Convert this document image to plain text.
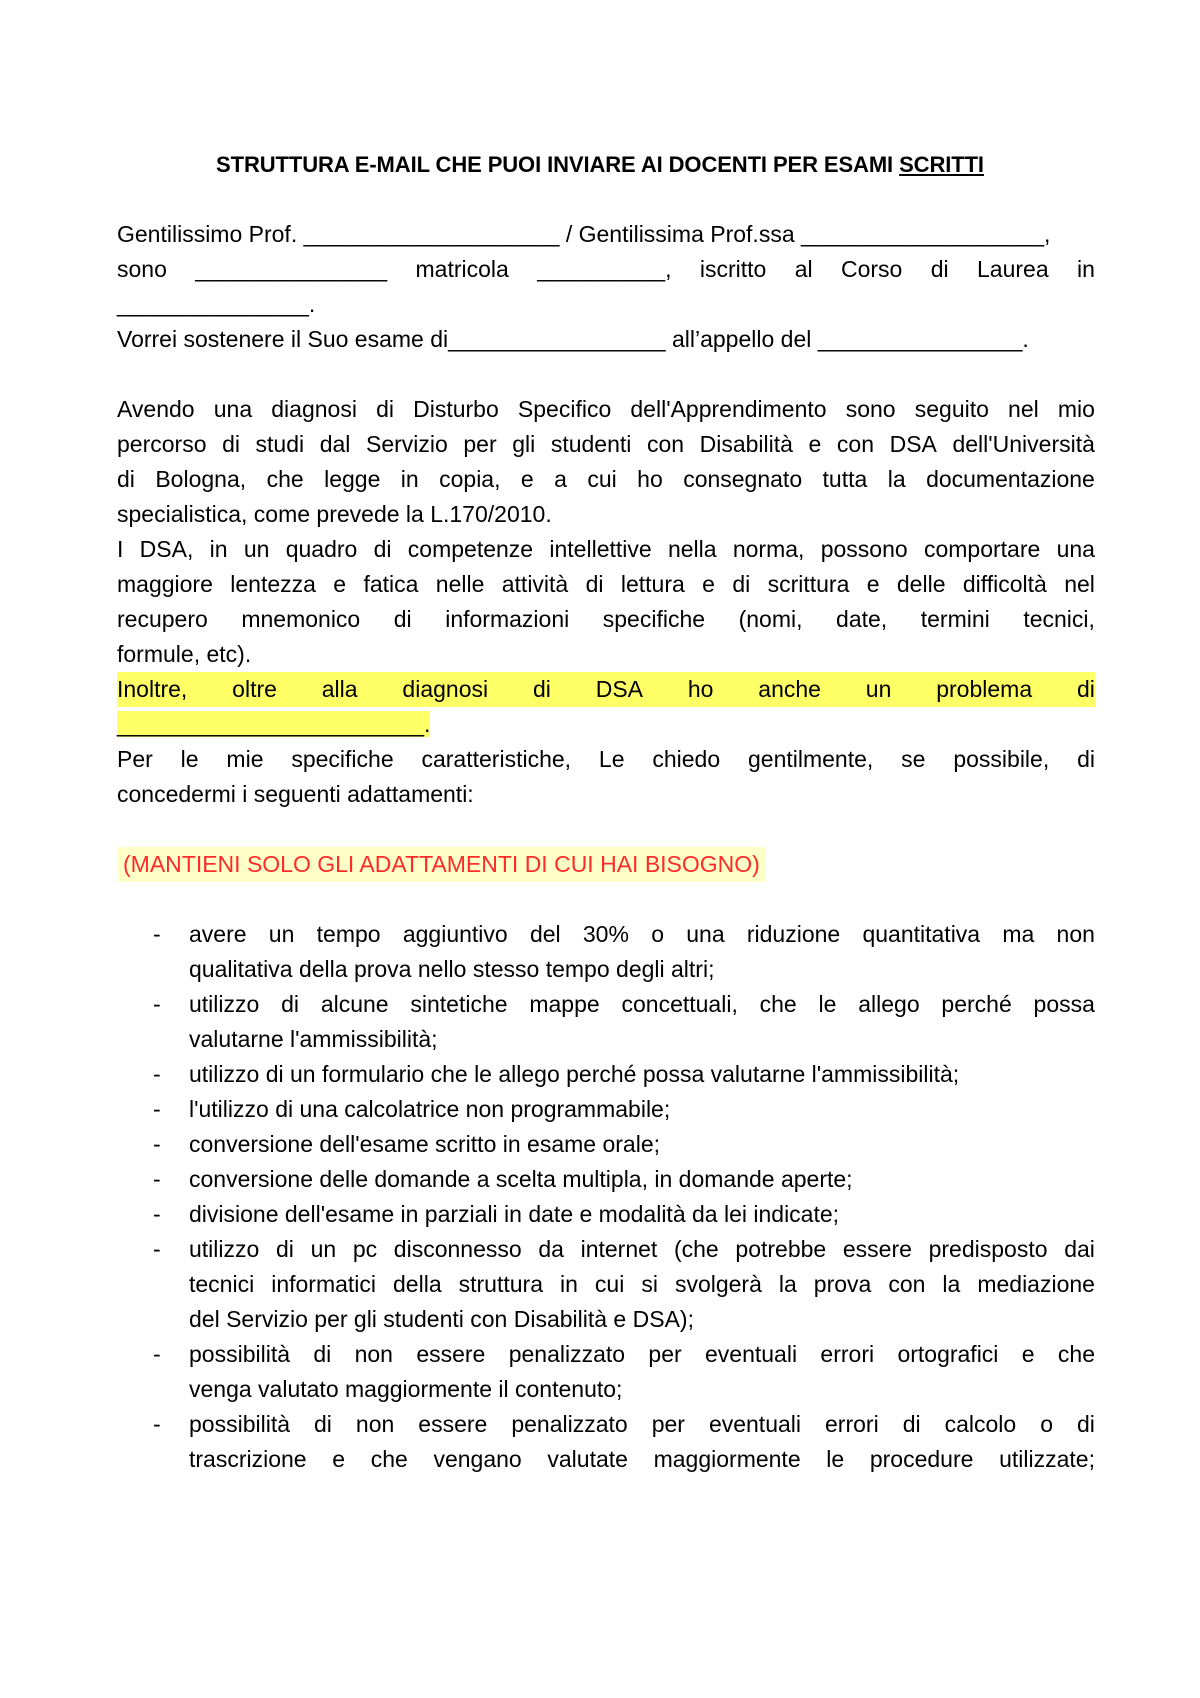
STRUTTURA E-MAIL CHE PUOI INVIARE AI DOCENTI PER ESAMI SCRITTI
Gentilissimo Prof. ____________________ / Gentilissima Prof.ssa ___________________,
sono _______________ matricola __________, iscritto al Corso di Laurea in
_______________.
Vorrei sostenere il Suo esame di_________________ all’appello del ________________.
Avendo una diagnosi di Disturbo Specifico dell'Apprendimento sono seguito nel mio
percorso di studi dal Servizio per gli studenti con Disabilità e con DSA dell'Università
di Bologna, che legge in copia, e a cui ho consegnato tutta la documentazione
specialistica, come prevede la L.170/2010.
I DSA, in un quadro di competenze intellettive nella norma, possono comportare una
maggiore lentezza e fatica nelle attività di lettura e di scrittura e delle difficoltà nel
recupero mnemonico di informazioni specifiche (nomi, date, termini tecnici,
formule, etc).
Inoltre, oltre alla diagnosi di DSA ho anche un problema di
________________________.
Per le mie specifiche caratteristiche, Le chiedo gentilmente, se possibile, di
concedermi i seguenti adattamenti:
(MANTIENI SOLO GLI ADATTAMENTI DI CUI HAI BISOGNO)
- avere un tempo aggiuntivo del 30% o una riduzione quantitativa ma non
qualitativa della prova nello stesso tempo degli altri;
- utilizzo di alcune sintetiche mappe concettuali, che le allego perché possa
valutarne l'ammissibilità;
- utilizzo di un formulario che le allego perché possa valutarne l'ammissibilità;
- l'utilizzo di una calcolatrice non programmabile;
- conversione dell'esame scritto in esame orale;
- conversione delle domande a scelta multipla, in domande aperte;
- divisione dell'esame in parziali in date e modalità da lei indicate;
- utilizzo di un pc disconnesso da internet (che potrebbe essere predisposto dai
tecnici informatici della struttura in cui si svolgerà la prova con la mediazione
del Servizio per gli studenti con Disabilità e DSA);
- possibilità di non essere penalizzato per eventuali errori ortografici e che
venga valutato maggiormente il contenuto;
- possibilità di non essere penalizzato per eventuali errori di calcolo o di
trascrizione e che vengano valutate maggiormente le procedure utilizzate;
